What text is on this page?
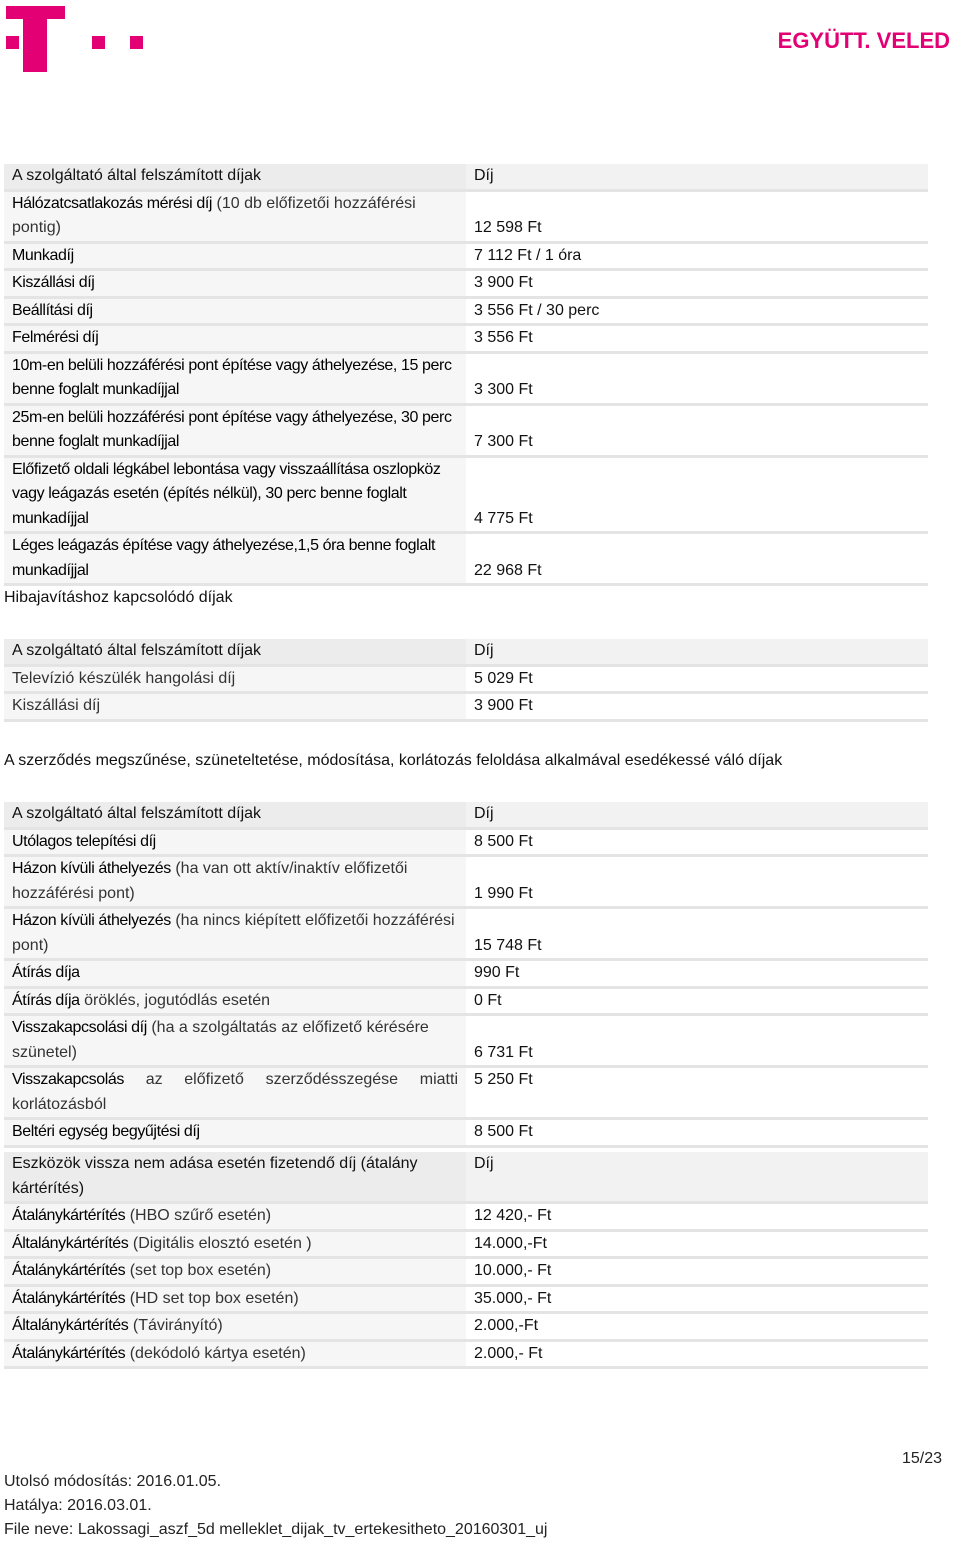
EGYÜTT. VELED
A szolgáltató által felszámított díjak	Díj
Hálózatcsatlakozás mérési díj (10 db előfizetői hozzáférési pontig)	12 598 Ft
Munkadíj	7 112 Ft / 1 óra
Kiszállási díj	3 900 Ft
Beállítási díj	3 556 Ft / 30 perc
Felmérési díj	3 556 Ft
10m-en belüli hozzáférési pont építése vagy áthelyezése, 15 perc benne foglalt munkadíjjal	3 300 Ft
25m-en belüli hozzáférési pont építése vagy áthelyezése, 30 perc benne foglalt munkadíjjal	7 300 Ft
Előfizető oldali légkábel lebontása vagy visszaállítása oszlopköz vagy leágazás esetén (építés nélkül), 30 perc benne foglalt munkadíjjal	4 775 Ft
Léges leágazás építése vagy áthelyezése,1,5 óra benne foglalt munkadíjjal	22 968 Ft
Hibajavításhoz kapcsolódó díjak
A szolgáltató által felszámított díjak	Díj
Televízió készülék hangolási díj	5 029 Ft
Kiszállási díj	3 900 Ft
A szerződés megszűnése, szüneteltetése, módosítása, korlátozás feloldása alkalmával esedékessé váló díjak
A szolgáltató által felszámított díjak	Díj
Utólagos telepítési díj	8 500 Ft
Házon kívüli áthelyezés (ha van ott aktív/inaktív előfizetői hozzáférési pont)	1 990 Ft
Házon kívüli áthelyezés (ha nincs kiépített előfizetői hozzáférési pont)	15 748 Ft
Átírás díja	990 Ft
Átírás díja öröklés, jogutódlás esetén	0 Ft
Visszakapcsolási díj (ha a szolgáltatás az előfizető kérésére szünetel)	6 731 Ft
Visszakapcsolás az előfizető szerződésszegése miatti korlátozásból	5 250 Ft
Beltéri egység begyűjtési díj	8 500 Ft
Eszközök vissza nem adása esetén fizetendő díj (átalány kártérítés)	Díj
Átalánykártérítés (HBO szűrő esetén)	12 420,- Ft
Általánykártérítés (Digitális elosztó esetén )	14.000,-Ft
Átalánykártérítés (set top box esetén)	10.000,- Ft
Átalánykártérítés (HD set top box esetén)	35.000,- Ft
Általánykártérítés (Távirányító)	2.000,-Ft
Átalánykártérítés (dekódoló kártya esetén)	2.000,- Ft
15/23
Utolsó módosítás: 2016.01.05.
Hatálya: 2016.03.01.
File neve: Lakossagi_aszf_5d melleklet_dijak_tv_ertekesitheto_20160301_uj
